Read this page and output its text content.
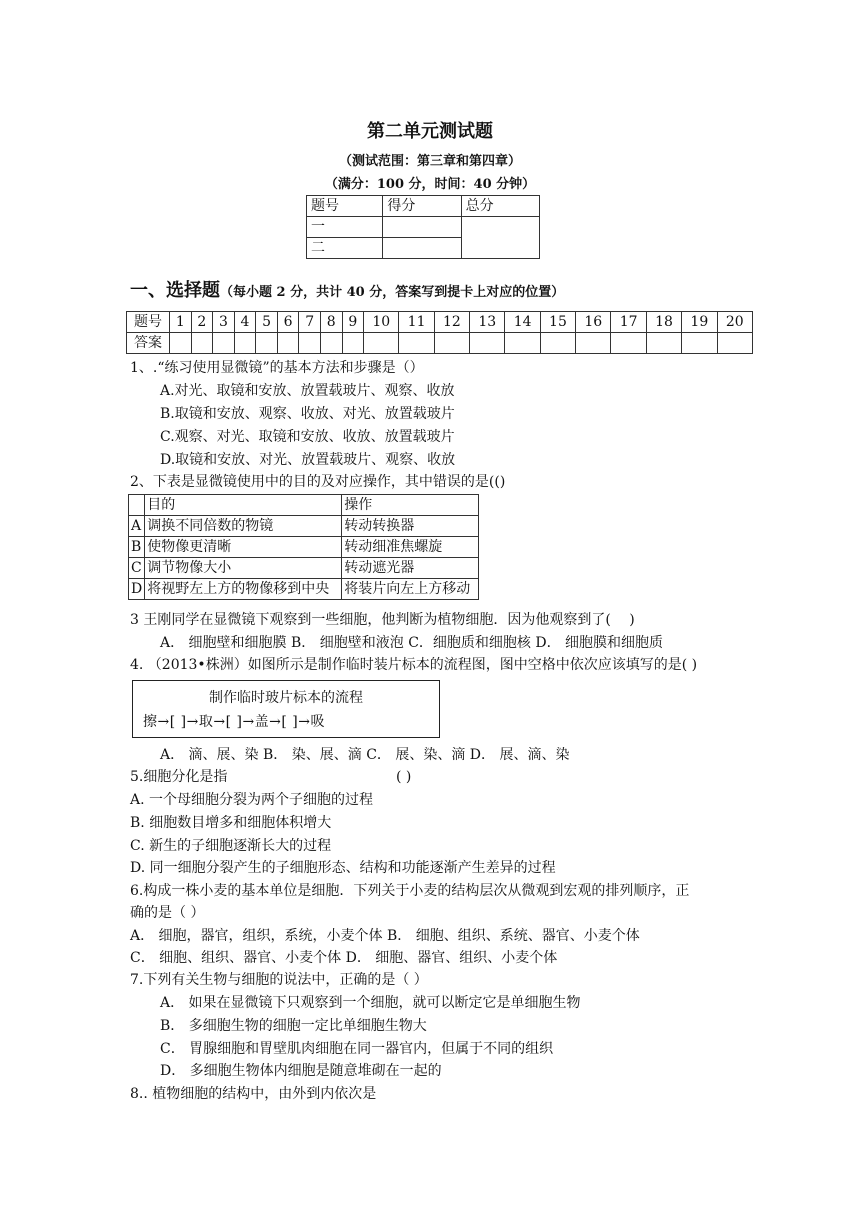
第二单元测试题
（测试范围：第三章和第四章）
（满分：100 分，时间：40 分钟）
题号	得分	总分
一		
二		
一、选择题（每小题 2 分，共计 40 分，答案写到提卡上对应的位置）
题号	1	2	3	4	5	6	7	8	9	10	11	12	13	14	15	16	17	18	19	20
答案																				
1、.“练习使用显微镜”的基本方法和步骤是（）
A.对光、取镜和安放、放置载玻片、观察、收放
B.取镜和安放、观察、收放、对光、放置载玻片
C.观察、对光、取镜和安放、收放、放置载玻片
D.取镜和安放、对光、放置载玻片、观察、收放
2、下表是显微镜使用中的目的及对应操作，其中错误的是(()
	目的	操作
A	调换不同倍数的物镜	转动转换器
B	使物像更清晰	转动细准焦螺旋
C	调节物像大小	转动遮光器
D	将视野左上方的物像移到中央	将装片向左上方移动
3 王刚同学在显微镜下观察到一些细胞，他判断为植物细胞．因为他观察到了(　 )
A． 细胞壁和细胞膜 B． 细胞壁和液泡 C．细胞质和细胞核 D． 细胞膜和细胞质
4. （2013•株洲）如图所示是制作临时装片标本的流程图，图中空格中依次应该填写的是( )
制作临时玻片标本的流程
擦→[ ]→取→[ ]→盖→[ ]→吸
A． 滴、展、染 B． 染、展、滴 C． 展、染、滴 D． 展、滴、染
5.细胞分化是指	( )
A. 一个母细胞分裂为两个子细胞的过程
B. 细胞数目增多和细胞体积增大
C. 新生的子细胞逐渐长大的过程
D. 同一细胞分裂产生的子细胞形态、结构和功能逐渐产生差异的过程
6.构成一株小麦的基本单位是细胞．下列关于小麦的结构层次从微观到宏观的排列顺序，正
确的是（ ）
A． 细胞，器官，组织，系统，小麦个体 B． 细胞、组织、系统、器官、小麦个体
C． 细胞、组织、器官、小麦个体 D． 细胞、器官、组织、小麦个体
7.下列有关生物与细胞的说法中，正确的是（ ）
A． 如果在显微镜下只观察到一个细胞，就可以断定它是单细胞生物
B． 多细胞生物的细胞一定比单细胞生物大
C． 胃腺细胞和胃壁肌肉细胞在同一器官内，但属于不同的组织
D． 多细胞生物体内细胞是随意堆砌在一起的
8.. 植物细胞的结构中，由外到内依次是
